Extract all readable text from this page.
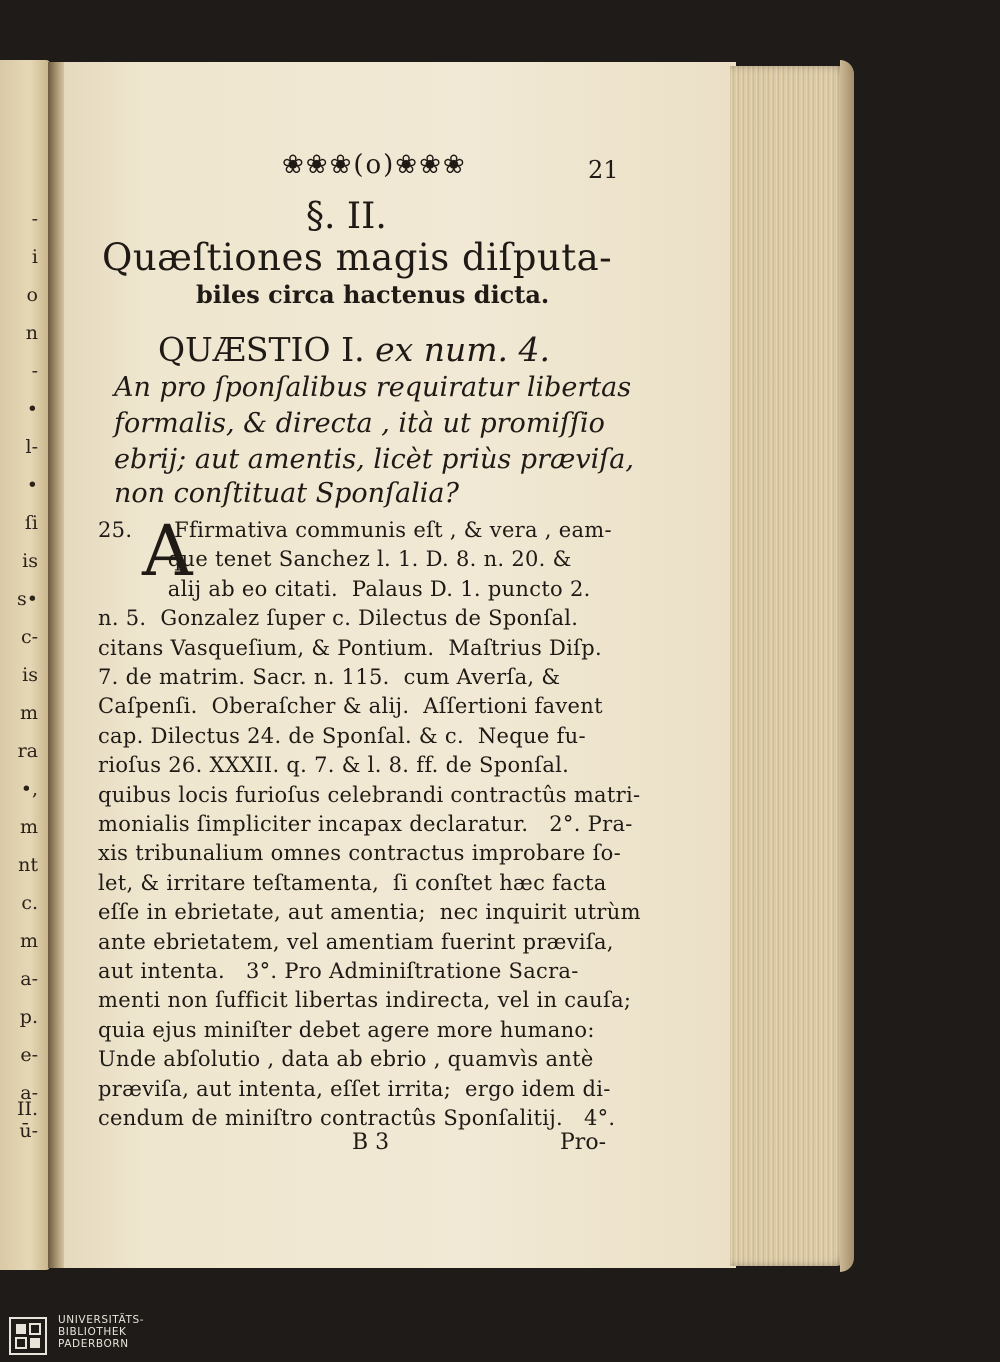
-
i
o
n
-
•
l-
•
ſi
is
s•
c-
is
m
ra
•,
m
nt
c.
m
a-
p.
e-
a-
ū-
II.
❀❀❀(o)❀❀❀	21
§. II.
Quæſtiones magis diſputa-
biles circa hactenus dicta.
QUÆSTIO I. ex num. 4.
An pro ſponſalibus requiratur libertas
formalis, & directa , ità ut promiſſio
ebrij; aut amentis, licèt priùs præviſa,
non conſtituat Sponſalia?
A
25.      Ffirmativa communis eſt , & vera , eam-
que tenet Sanchez l. 1. D. 8. n. 20. &
alij ab eo citati.  Palaus D. 1. puncto 2.
n. 5.  Gonzalez ſuper c. Dilectus de Sponſal.
citans Vasqueſium, & Pontium.  Maſtrius Diſp.
7. de matrim. Sacr. n. 115.  cum Averſa, &
Caſpenſi.  Oberaſcher & alij.  Aſſertioni favent
cap. Dilectus 24. de Sponſal. & c.  Neque fu-
rioſus 26. XXXII. q. 7. & l. 8. ff. de Sponſal.
quibus locis furioſus celebrandi contractûs matri-
monialis ſimpliciter incapax declaratur.   2°. Pra-
xis tribunalium omnes contractus improbare ſo-
let, & irritare teſtamenta,  ſi conſtet hæc facta
eſſe in ebrietate, aut amentia;  nec inquirit utrùm
ante ebrietatem, vel amentiam fuerint præviſa,
aut intenta.   3°. Pro Adminiſtratione Sacra-
menti non ſufficit libertas indirecta, vel in cauſa;
quia ejus miniſter debet agere more humano:
Unde abſolutio , data ab ebrio , quamvìs antè
præviſa, aut intenta, eſſet irrita;  ergo idem di-
cendum de miniſtro contractûs Sponſalitij.   4°.
B 3	Pro-
UNIVERSITÄTS-
BIBLIOTHEK
PADERBORN
